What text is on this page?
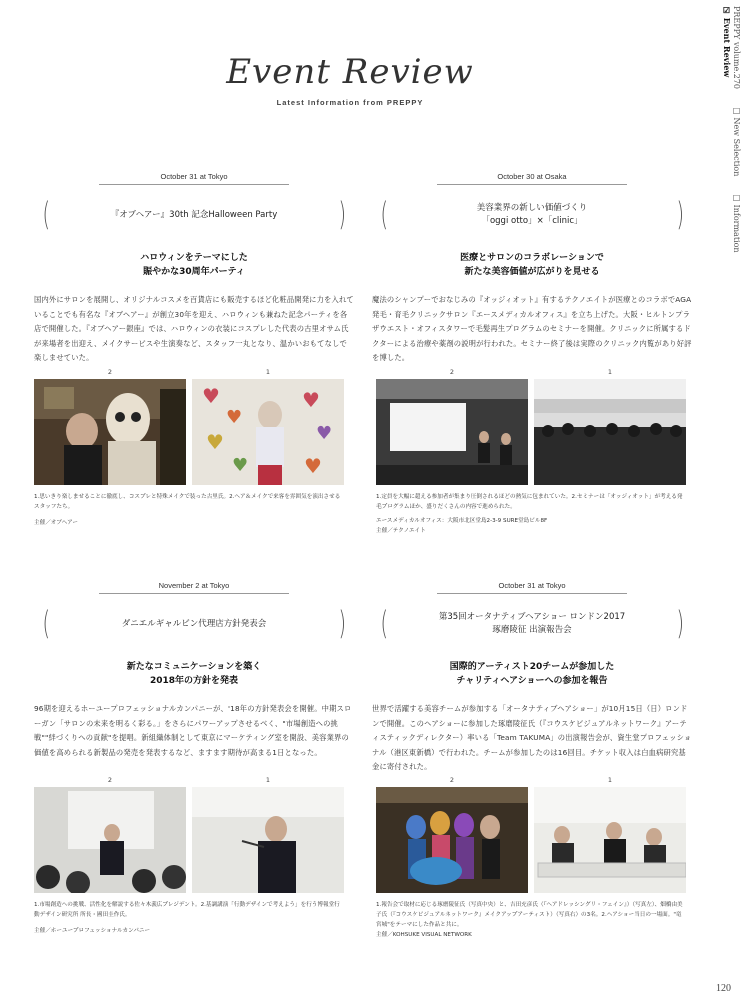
Event Review
Latest Information from PREPPY
PREPPY volume.270 □ New Selection □ Information ☑ Event Review
October 31 at Tokyo
(	『オブヘアー』30th 記念Halloween Party )
ハロウィンをテーマにした
賑やかな30周年パーティ
国内外にサロンを展開し、オリジナルコスメを百貨店にも販売するほど化粧品開発に力を入れていることでも有名な『オブヘアー』が創立30年を迎え、ハロウィンも兼ねた記念パーティを各店で開催した。『オブヘアー銀座』では、ハロウィンの衣装にコスプレした代表の古里オサム氏が来場者を出迎え、メイクサービスや生演奏など、スタッフ一丸となり、温かいおもてなしで楽しませていた。
2	1
♥
♥
♥
♥
♥
♥
♥
1.思いきり楽しませることに徹底し、コスプレと特殊メイクで装った古里氏。2.ヘア＆メイクで来客を雰囲気を演出させるスタッフたち。
主催／オブヘアー
October 30 at Osaka
(	美容業界の新しい価値づくり
「oggi otto」×「clinic」	)
医療とサロンのコラボレーションで
新たな美容価値が広がりを見せる
魔法のシャンプーでおなじみの『オッジィオット』有するテクノエイトが医療とのコラボでAGA発毛・育毛クリニックサロン『エースメディカルオフィス』を立ち上げた。大阪・ヒルトンプラザウエスト・オフィスタワーで毛髪再生プログラムのセミナーを開催。クリニックに所属するドクターによる治療や薬剤の説明が行われた。セミナー終了後は実際のクリニック内覧があり好評を博した。
2	1
1.定員を大幅に超える参加者が集まり圧倒されるほどの熱気に包まれていた。2.セミナーは「オッジィオット」が考える発毛プログラムほか、盛りだくさんの内容で進められた。
エースメディカルオフィス：大阪市北区堂島2-3-9 SURE堂島ビル8F
主催／テクノエイト
November 2 at Tokyo
(	ダニエルギャルビン代理店方針発表会 )
新たなコミュニケーションを築く
2018年の方針を発表
96期を迎えるホーユープロフェッショナルカンパニーが、'18年の方針発表会を開催。中期スローガン「サロンの未来を明るく彩る。」をさらにパワーアップさせるべく、"市場創造への挑戦""絆づくりへの貢献"を提唱。新組織体制として東京にマーケティング室を開設、美容業界の価値を高められる新製品の発売を発表するなど、ますます期待が高まる1日となった。
2	1
1.市場創造への挑戦、活性化を解説する佐々木義広プレジデント。2.基調講演「行動デザインで考えよう」を行う博報堂行動デザイン研究所 所長・國田圭作氏。
主催／ホーユープロフェッショナルカンパニー
October 31 at Tokyo
(	第35回オータナティブヘアショー ロンドン2017
琢磨陵征 出演報告会	)
国際的アーティスト20チームが参加した
チャリティヘアショーへの参加を報告
世界で活躍する美容チームが参加する「オータナティブヘアショー」が10月15日（日）ロンドンで開催。このヘアショーに参加した琢磨陵征氏（『コウスケビジュアルネットワーク』アーティスティックディレクター）率いる「Team TAKUMA」の出演報告会が、資生堂プロフェッショナル（港区東新橋）で行われた。チームが参加したのは16回目。チケット収入は白血病研究基金に寄付された。
2	1
1.報告会で取材に応じる琢磨陵征氏（写真中央）と、吉田充彦氏（『ヘアドレッシングリ・フェイン』）（写真左）、畑橋由美子氏（『コウスケビジュアルネットワーク』メイクアップアーティスト）（写真右）の3名。2.ヘアショー当日の一場面。"竜宮城"をテーマにした作品と共に。
主催／KOHSUKE VISUAL NETWORK
120
